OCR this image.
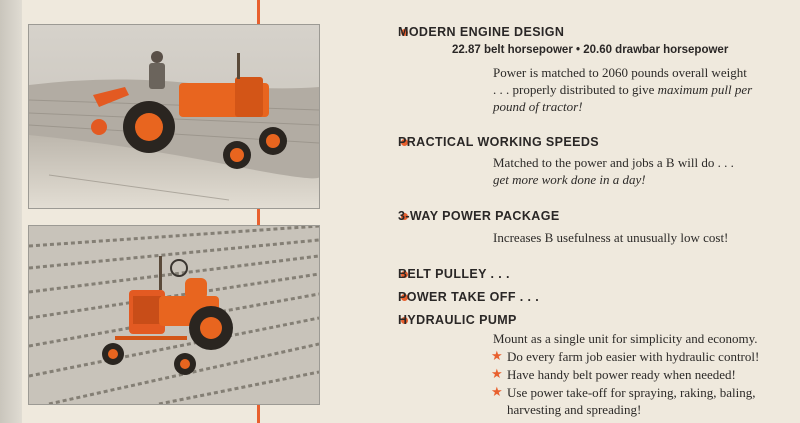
MODERN ENGINE DESIGN
22.87 belt horsepower • 20.60 drawbar horsepower
Power is matched to 2060 pounds overall weight
. . . properly distributed to give maximum pull per
pound of tractor!
PRACTICAL WORKING SPEEDS
Matched to the power and jobs a B will do . . .
get more work done in a day!
3-WAY POWER PACKAGE
Increases B usefulness at unusually low cost!
BELT PULLEY . . .
POWER TAKE OFF . . .
HYDRAULIC PUMP
Mount as a single unit for simplicity and economy.
★ Do every farm job easier with hydraulic control!
★ Have handy belt power ready when needed!
★ Use power take-off for spraying, raking, baling,
harvesting and spreading!
